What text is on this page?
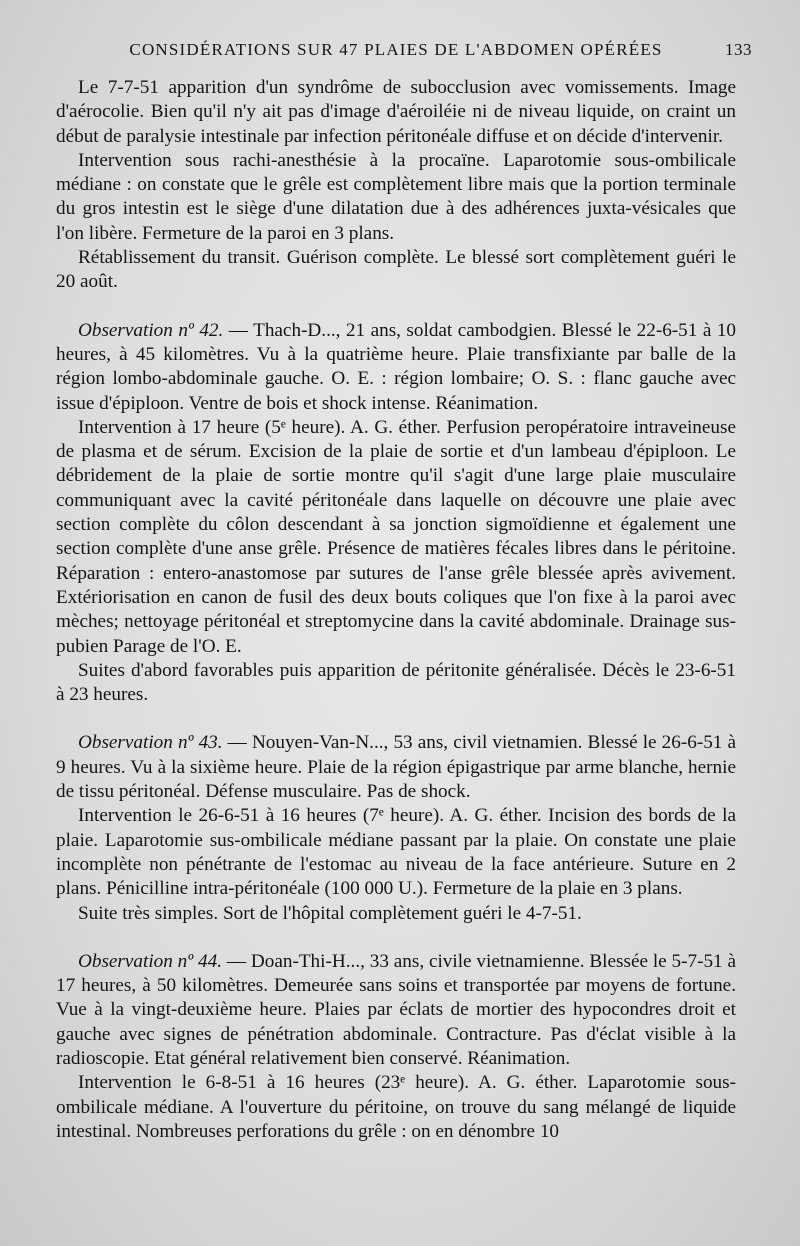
CONSIDÉRATIONS SUR 47 PLAIES DE L'ABDOMEN OPÉRÉES	133

Le 7-7-51 apparition d'un syndrôme de subocclusion avec vomissements. Image d'aérocolie. Bien qu'il n'y ait pas d'image d'aéroiléie ni de niveau liquide, on craint un début de paralysie intestinale par infection péritonéale diffuse et on décide d'intervenir.

Intervention sous rachi-anesthésie à la procaïne. Laparotomie sous-ombilicale médiane : on constate que le grêle est complètement libre mais que la portion terminale du gros intestin est le siège d'une dilatation due à des adhérences juxta-vésicales que l'on libère. Fermeture de la paroi en 3 plans.

Rétablissement du transit. Guérison complète. Le blessé sort complètement guéri le 20 août.

Observation nº 42. — Thach-D..., 21 ans, soldat cambodgien. Blessé le 22-6-51 à 10 heures, à 45 kilomètres. Vu à la quatrième heure. Plaie transfixiante par balle de la région lombo-abdominale gauche. O. E. : région lombaire; O. S. : flanc gauche avec issue d'épiploon. Ventre de bois et shock intense. Réanimation.

Intervention à 17 heure (5ᵉ heure). A. G. éther. Perfusion peropératoire intraveineuse de plasma et de sérum. Excision de la plaie de sortie et d'un lambeau d'épiploon. Le débridement de la plaie de sortie montre qu'il s'agit d'une large plaie musculaire communiquant avec la cavité péritonéale dans laquelle on découvre une plaie avec section complète du côlon descendant à sa jonction sigmoïdienne et également une section complète d'une anse grêle. Présence de matières fécales libres dans le péritoine. Réparation : entero-anastomose par sutures de l'anse grêle blessée après avivement. Extériorisation en canon de fusil des deux bouts coliques que l'on fixe à la paroi avec mèches; nettoyage péritonéal et streptomycine dans la cavité abdominale. Drainage sus-pubien Parage de l'O. E.

Suites d'abord favorables puis apparition de péritonite généralisée. Décès le 23-6-51 à 23 heures.

Observation nº 43. — Nouyen-Van-N..., 53 ans, civil vietnamien. Blessé le 26-6-51 à 9 heures. Vu à la sixième heure. Plaie de la région épigastrique par arme blanche, hernie de tissu péritonéal. Défense musculaire. Pas de shock.

Intervention le 26-6-51 à 16 heures (7ᵉ heure). A. G. éther. Incision des bords de la plaie. Laparotomie sus-ombilicale médiane passant par la plaie. On constate une plaie incomplète non pénétrante de l'estomac au niveau de la face antérieure. Suture en 2 plans. Pénicilline intra-péritonéale (100 000 U.). Fermeture de la plaie en 3 plans.

Suite très simples. Sort de l'hôpital complètement guéri le 4-7-51.

Observation nº 44. — Doan-Thi-H..., 33 ans, civile vietnamienne. Blessée le 5-7-51 à 17 heures, à 50 kilomètres. Demeurée sans soins et transportée par moyens de fortune. Vue à la vingt-deuxième heure. Plaies par éclats de mortier des hypocondres droit et gauche avec signes de pénétration abdominale. Contracture. Pas d'éclat visible à la radioscopie. Etat général relativement bien conservé. Réanimation.

Intervention le 6-8-51 à 16 heures (23ᵉ heure). A. G. éther. Laparotomie sous-ombilicale médiane. A l'ouverture du péritoine, on trouve du sang mélangé de liquide intestinal. Nombreuses perforations du grêle : on en dénombre 10
